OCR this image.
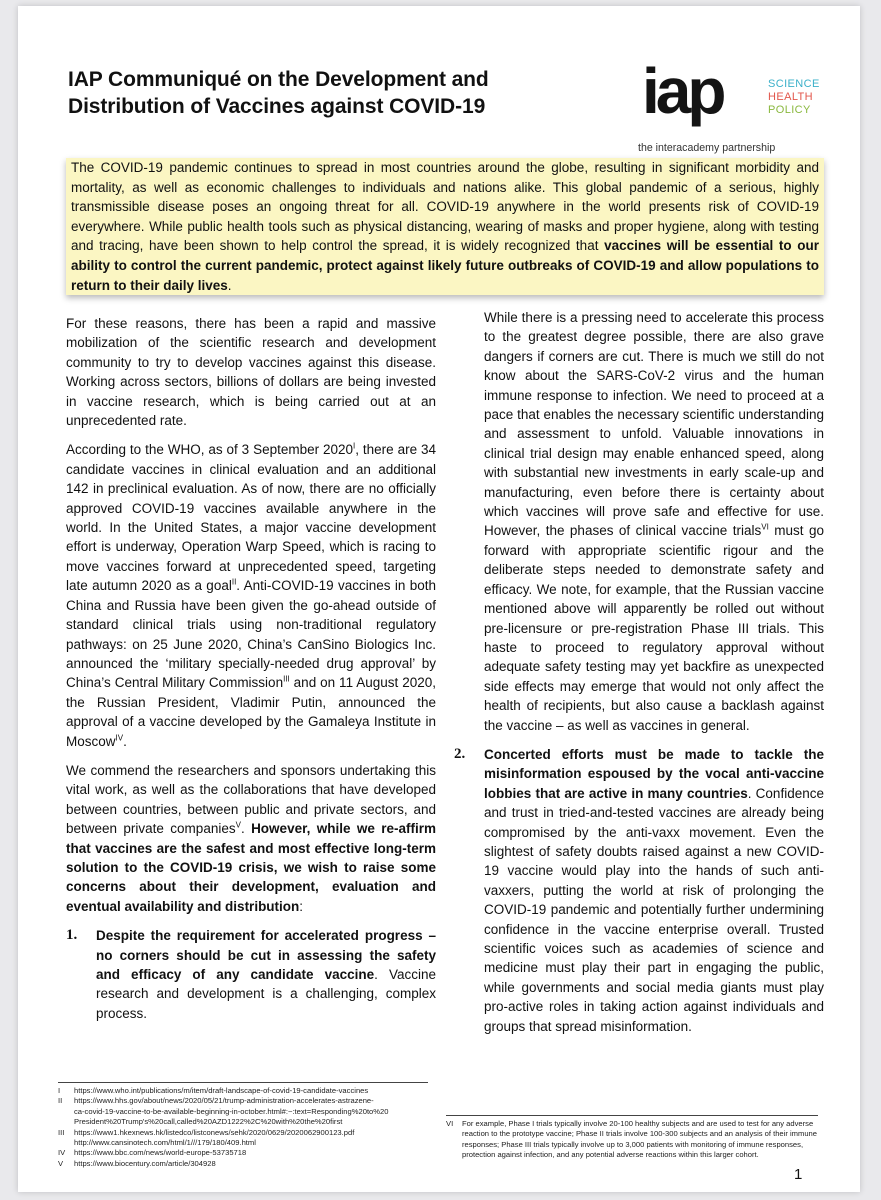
IAP Communiqué on the Development and
Distribution of Vaccines against COVID-19	iap	SCIENCE
HEALTH
POLICY
the interacademy partnership
The COVID-19 pandemic continues to spread in most countries around the globe, resulting in significant morbidity and mortality, as well as economic challenges to individuals and nations alike. This global pandemic of a serious, highly transmissible disease poses an ongoing threat for all. COVID-19 anywhere in the world presents risk of COVID-19 everywhere. While public health tools such as physical distancing, wearing of masks and proper hygiene, along with testing and tracing, have been shown to help control the spread, it is widely recognized that vaccines will be essential to our ability to control the current pandemic, protect against likely future outbreaks of COVID-19 and allow populations to return to their daily lives.

For these reasons, there has been a rapid and massive mobilization of the scientific research and development community to try to develop vaccines against this disease. Working across sectors, billions of dollars are being invested in vaccine research, which is being carried out at an unprecedented rate.

According to the WHO, as of 3 September $2020^I$, there are 34 candidate vaccines in clinical evaluation and an additional 142 in preclinical evaluation. As of now, there are no officially approved COVID-19 vaccines available anywhere in the world. In the United States, a major vaccine development effort is underway, Operation Warp Speed, which is racing to move vaccines forward at unprecedented speed, targeting late autumn 2020 as a goal$^{II}$. Anti-COVID-19 vaccines in both China and Russia have been given the go-ahead outside of standard clinical trials using non-traditional regulatory pathways: on 25 June 2020, China’s CanSino Biologics Inc. announced the ‘military specially-needed drug approval’ by China’s Central Military Commission$^{III}$ and on 11 August 2020, the Russian President, Vladimir Putin, announced the approval of a vaccine developed by the Gamaleya Institute in Moscow$^{IV}$.

We commend the researchers and sponsors undertaking this vital work, as well as the collaborations that have developed between countries, between public and private sectors, and between private companies$^V$. However, while we re-affirm that vaccines are the safest and most effective long-term solution to the COVID-19 crisis, we wish to raise some concerns about their development, evaluation and eventual availability and distribution:

1.	Despite the requirement for accelerated progress – no corners should be cut in assessing the safety and efficacy of any candidate vaccine. Vaccine research and development is a challenging, complex process.

While there is a pressing need to accelerate this process to the greatest degree possible, there are also grave dangers if corners are cut. There is much we still do not know about the SARS-CoV-2 virus and the human immune response to infection. We need to proceed at a pace that enables the necessary scientific understanding and assessment to unfold. Valuable innovations in clinical trial design may enable enhanced speed, along with substantial new investments in early scale-up and manufacturing, even before there is certainty about which vaccines will prove safe and effective for use. However, the phases of clinical vaccine trials$^{VI}$ must go forward with appropriate scientific rigour and the deliberate steps needed to demonstrate safety and efficacy. We note, for example, that the Russian vaccine mentioned above will apparently be rolled out without pre-licensure or pre-registration Phase III trials. This haste to proceed to regulatory approval without adequate safety testing may yet backfire as unexpected side effects may emerge that would not only affect the health of recipients, but also cause a backlash against the vaccine – as well as vaccines in general.

2.	Concerted efforts must be made to tackle the misinformation espoused by the vocal anti-vaccine lobbies that are active in many countries. Confidence and trust in tried-and-tested vaccines are already being compromised by the anti-vaxx movement. Even the slightest of safety doubts raised against a new COVID-19 vaccine would play into the hands of such anti-vaxxers, putting the world at risk of prolonging the COVID-19 pandemic and potentially further undermining confidence in the vaccine enterprise overall. Trusted scientific voices such as academies of science and medicine must play their part in engaging the public, while governments and social media giants must play pro-active roles in taking action against individuals and groups that spread misinformation.
I	https://www.who.int/publications/m/item/draft-landscape-of-covid-19-candidate-vaccines
II	https://www.hhs.gov/about/news/2020/05/21/trump-administration-accelerates-astrazene-
ca-covid-19-vaccine-to-be-available-beginning-in-october.html#:~:text=Responding%20to%20
President%20Trump's%20call,called%20AZD1222%2C%20with%20the%20first
III	https://www1.hkexnews.hk/listedco/listconews/sehk/2020/0629/2020062900123.pdf
http://www.cansinotech.com/html/1///179/180/409.html
IV	https://www.bbc.com/news/world-europe-53735718
V	https://www.biocentury.com/article/304928
VI	For example, Phase I trials typically involve 20-100 healthy subjects and are used to test for any adverse reaction to the prototype vaccine; Phase II trials involve 100-300 subjects and an analysis of their immune responses; Phase III trials typically involve up to 3,000 patients with monitoring of immune responses, protection against infection, and any potential adverse reactions within this larger cohort.
1
